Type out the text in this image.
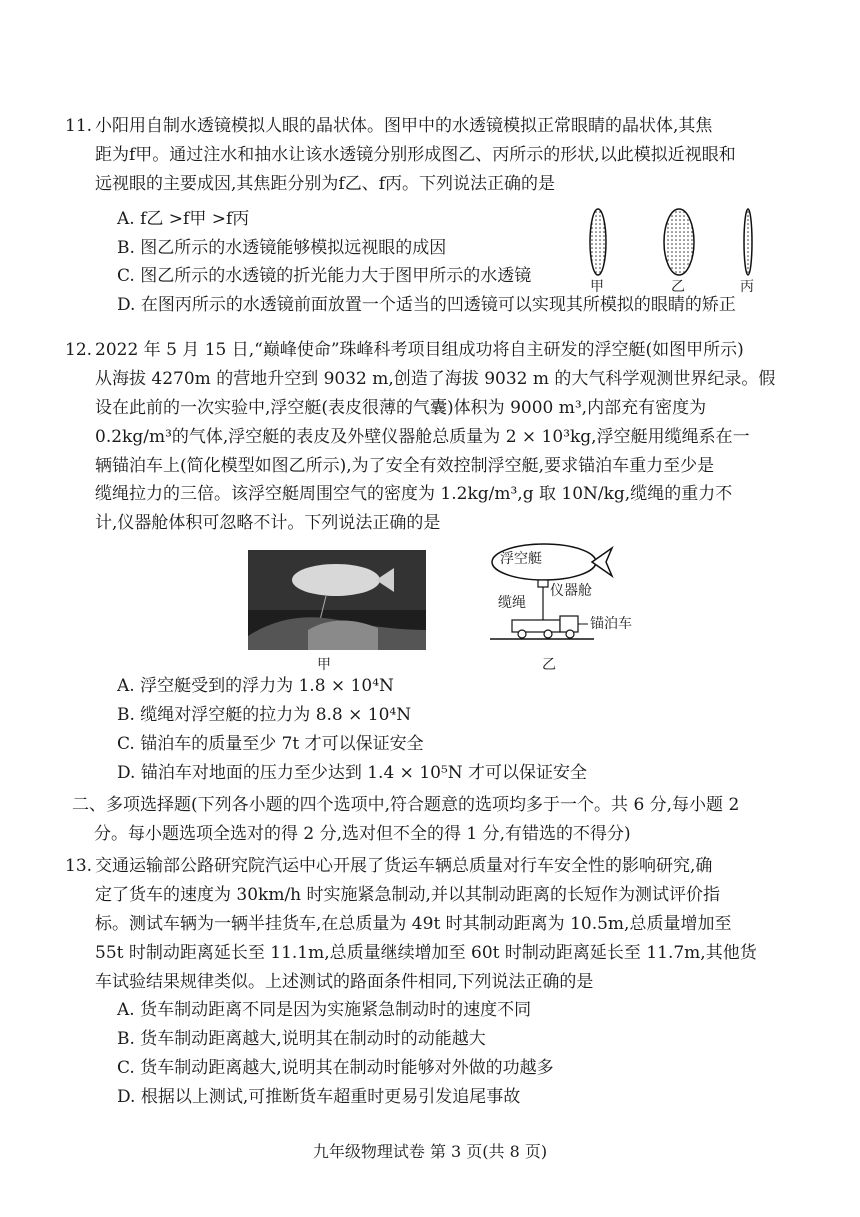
11. 小阳用自制水透镜模拟人眼的晶状体。图甲中的水透镜模拟正常眼睛的晶状体,其焦

距为f甲。通过注水和抽水让该水透镜分别形成图乙、丙所示的形状,以此模拟近视眼和

远视眼的主要成因,其焦距分别为f乙、f丙。下列说法正确的是

A. f乙 >f甲 >f丙

B. 图乙所示的水透镜能够模拟远视眼的成因

C. 图乙所示的水透镜的折光能力大于图甲所示的水透镜

D. 在图丙所示的水透镜前面放置一个适当的凹透镜可以实现其所模拟的眼睛的矫正

甲	乙	丙

12. 2022 年 5 月 15 日,“巅峰使命”珠峰科考项目组成功将自主研发的浮空艇(如图甲所示)

从海拔 4270m 的营地升空到 9032 m,创造了海拔 9032 m 的大气科学观测世界纪录。假

设在此前的一次实验中,浮空艇(表皮很薄的气囊)体积为 9000 m³,内部充有密度为

0.2kg/m³的气体,浮空艇的表皮及外壁仪器舱总质量为 2 × 10³kg,浮空艇用缆绳系在一

辆锚泊车上(简化模型如图乙所示),为了安全有效控制浮空艇,要求锚泊车重力至少是

缆绳拉力的三倍。该浮空艇周围空气的密度为 1.2kg/m³,g 取 10N/kg,缆绳的重力不

计,仪器舱体积可忽略不计。下列说法正确的是

甲
浮空艇
缆绳
仪器舱
锚泊车
乙

A. 浮空艇受到的浮力为 1.8 × 10⁴N

B. 缆绳对浮空艇的拉力为 8.8 × 10⁴N

C. 锚泊车的质量至少 7t 才可以保证安全

D. 锚泊车对地面的压力至少达到 1.4 × 10⁵N 才可以保证安全

二、多项选择题(下列各小题的四个选项中,符合题意的选项均多于一个。共 6 分,每小题 2

分。每小题选项全选对的得 2 分,选对但不全的得 1 分,有错选的不得分)

13. 交通运输部公路研究院汽运中心开展了货运车辆总质量对行车安全性的影响研究,确

定了货车的速度为 30km/h 时实施紧急制动,并以其制动距离的长短作为测试评价指

标。测试车辆为一辆半挂货车,在总质量为 49t 时其制动距离为 10.5m,总质量增加至

55t 时制动距离延长至 11.1m,总质量继续增加至 60t 时制动距离延长至 11.7m,其他货

车试验结果规律类似。上述测试的路面条件相同,下列说法正确的是

A. 货车制动距离不同是因为实施紧急制动时的速度不同

B. 货车制动距离越大,说明其在制动时的动能越大

C. 货车制动距离越大,说明其在制动时能够对外做的功越多

D. 根据以上测试,可推断货车超重时更易引发追尾事故

九年级物理试卷 第 3 页(共 8 页)
